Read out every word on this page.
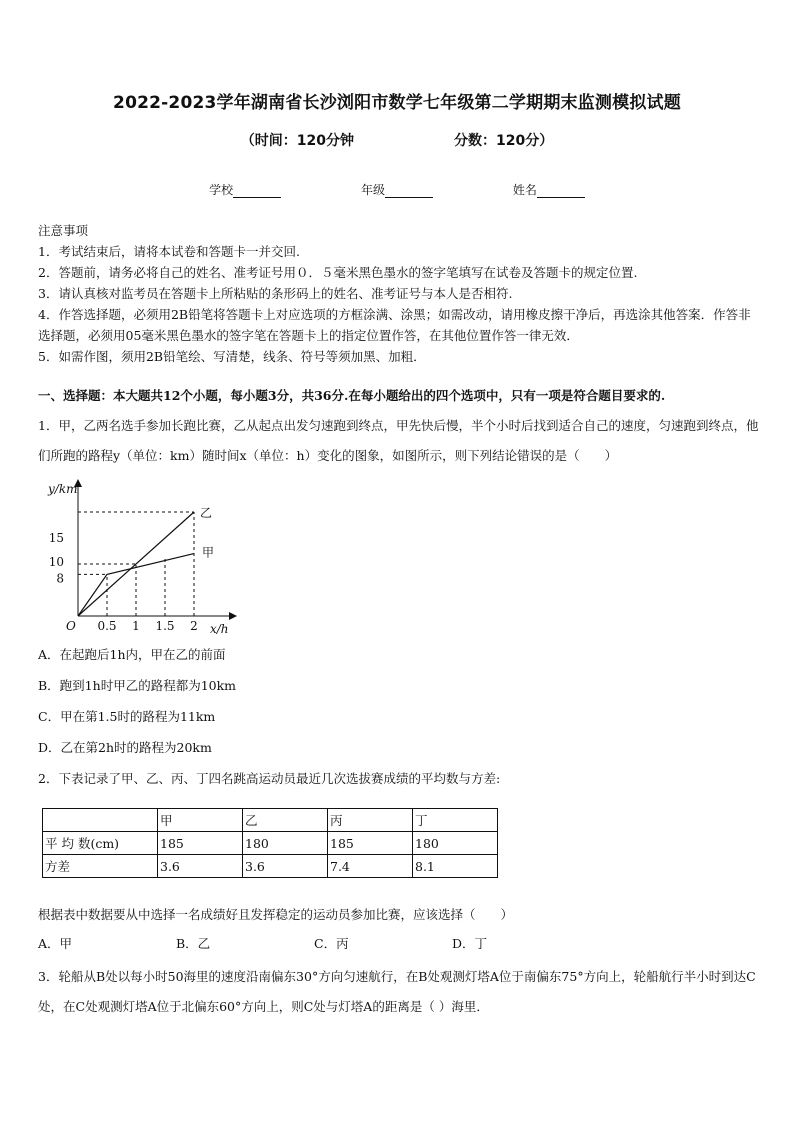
2022-2023学年湖南省长沙浏阳市数学七年级第二学期期末监测模拟试题
（时间：120分钟	分数：120分）
学校	年级	姓名

注意事项

1．考试结束后，请将本试卷和答题卡一并交回.

2．答题前，请务必将自己的姓名、准考证号用０．５毫米黑色墨水的签字笔填写在试卷及答题卡的规定位置.

3．请认真核对监考员在答题卡上所粘贴的条形码上的姓名、准考证号与本人是否相符.

4．作答选择题，必须用2B铅笔将答题卡上对应选项的方框涂满、涂黑；如需改动，请用橡皮擦干净后，再选涂其他答案．作答非选择题，必须用05毫米黑色墨水的签字笔在答题卡上的指定位置作答，在其他位置作答一律无效．

5．如需作图，须用2B铅笔绘、写清楚，线条、符号等须加黑、加粗．

一、选择题：本大题共12个小题，每小题3分，共36分.在每小题给出的四个选项中，只有一项是符合题目要求的.
1．甲，乙两名选手参加长跑比赛，乙从起点出发匀速跑到终点，甲先快后慢，半个小时后找到适合自己的速度，匀速跑到终点，他们所跑的路程y（单位：km）随时间x（单位：h）变化的图象，如图所示，则下列结论错误的是（　　）
y/km
x/h
O 0.5 1 1.5 2
15
10
8
乙
甲
A．在起跑后1h内，甲在乙的前面
B．跑到1h时甲乙的路程都为10km
C．甲在第1.5时的路程为11km
D．乙在第2h时的路程为20km
2．下表记录了甲、乙、丙、丁四名跳高运动员最近几次选拔赛成绩的平均数与方差:
	甲	乙	丙	丁
平 均 数(cm)	185	180	185	180
方差	3.6	3.6	7.4	8.1
根据表中数据要从中选择一名成绩好且发挥稳定的运动员参加比赛，应该选择（　　）
A．甲	B．乙	C．丙	D．丁
3．轮船从B处以每小时50海里的速度沿南偏东30°方向匀速航行，在B处观测灯塔A位于南偏东75°方向上，轮船航行半小时到达C处，在C处观测灯塔A位于北偏东60°方向上，则C处与灯塔A的距离是（ ）海里．
